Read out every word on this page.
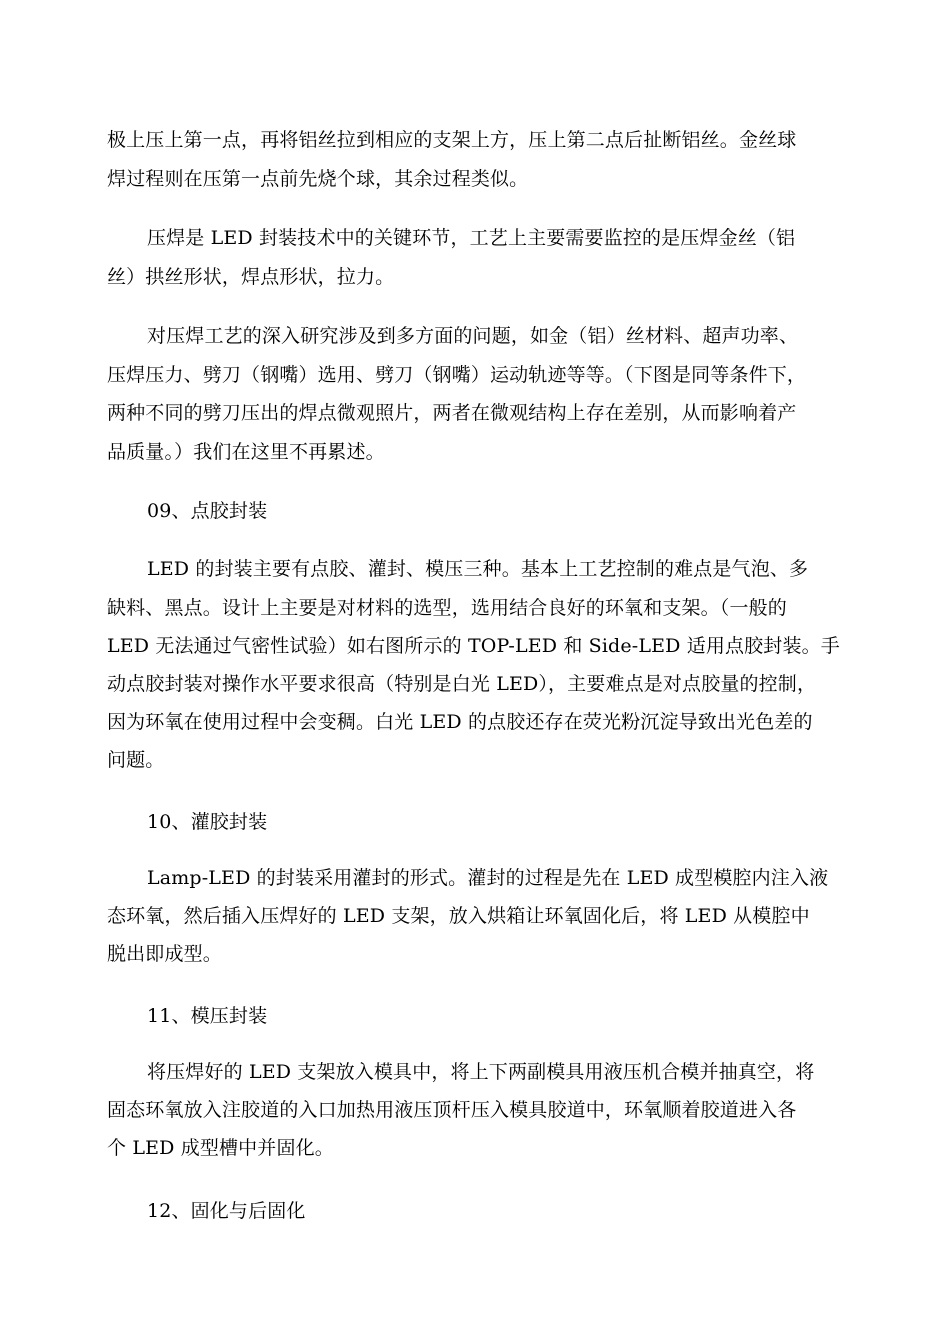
极上压上第一点，再将铝丝拉到相应的支架上方，压上第二点后扯断铝丝。金丝球
焊过程则在压第一点前先烧个球，其余过程类似。
压焊是 LED 封装技术中的关键环节，工艺上主要需要监控的是压焊金丝（铝
丝）拱丝形状，焊点形状，拉力。
对压焊工艺的深入研究涉及到多方面的问题，如金（铝）丝材料、超声功率、
压焊压力、劈刀（钢嘴）选用、劈刀（钢嘴）运动轨迹等等。（下图是同等条件下，
两种不同的劈刀压出的焊点微观照片，两者在微观结构上存在差别，从而影响着产
品质量。）我们在这里不再累述。
09、点胶封装
LED 的封装主要有点胶、灌封、模压三种。基本上工艺控制的难点是气泡、多
缺料、黑点。设计上主要是对材料的选型，选用结合良好的环氧和支架。（一般的
LED 无法通过气密性试验）如右图所示的 TOP-LED 和 Side-LED 适用点胶封装。手
动点胶封装对操作水平要求很高（特别是白光 LED），主要难点是对点胶量的控制，
因为环氧在使用过程中会变稠。白光 LED 的点胶还存在荧光粉沉淀导致出光色差的
问题。
10、灌胶封装
Lamp-LED 的封装采用灌封的形式。灌封的过程是先在 LED 成型模腔内注入液
态环氧，然后插入压焊好的 LED 支架，放入烘箱让环氧固化后，将 LED 从模腔中
脱出即成型。
11、模压封装
将压焊好的 LED 支架放入模具中，将上下两副模具用液压机合模并抽真空，将
固态环氧放入注胶道的入口加热用液压顶杆压入模具胶道中，环氧顺着胶道进入各
个 LED 成型槽中并固化。
12、固化与后固化
